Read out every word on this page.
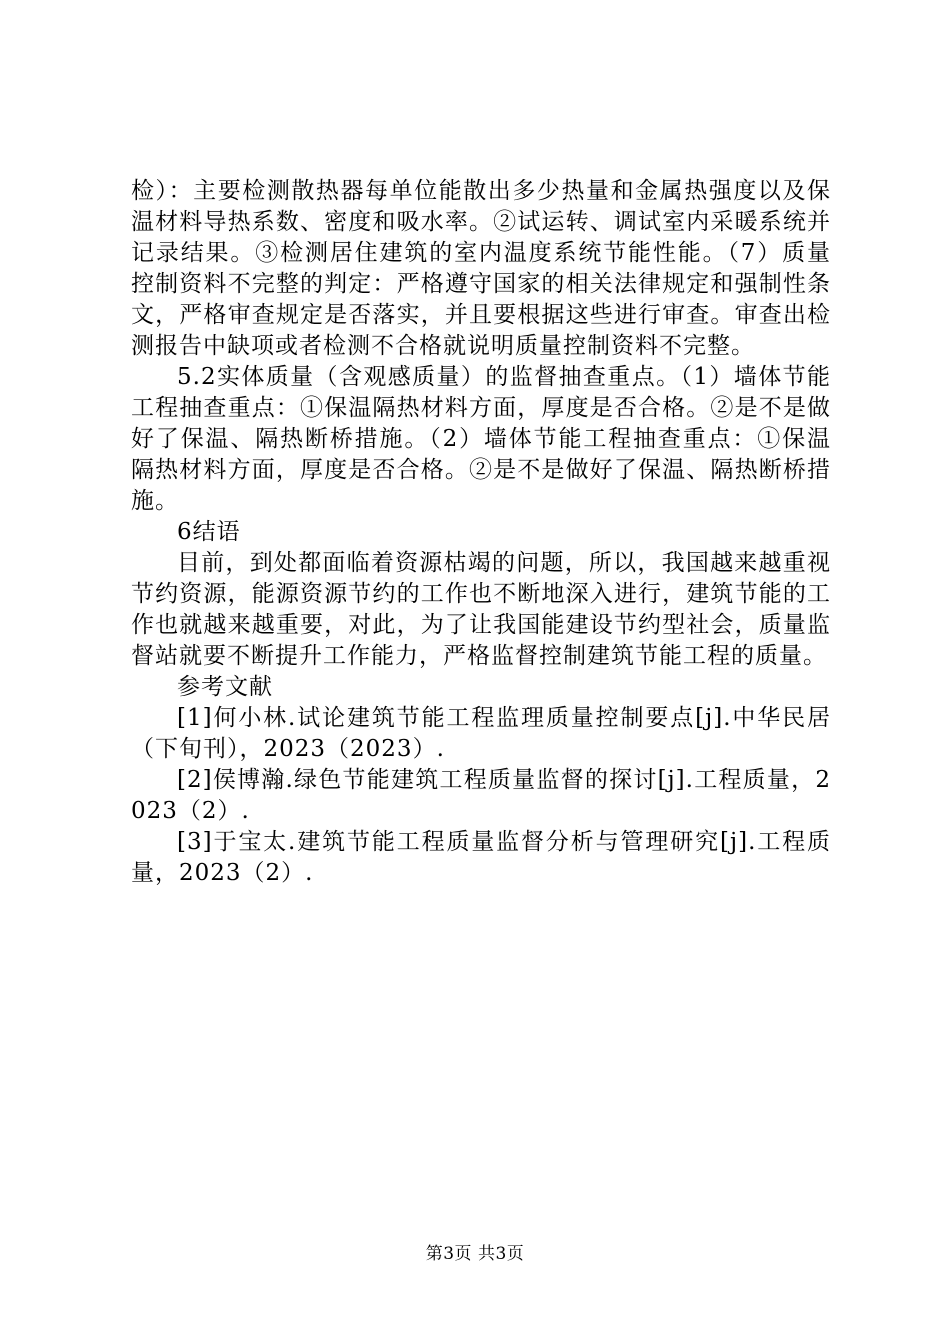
检）：主要检测散热器每单位能散出多少热量和金属热强度以及保温材料导热系数、密度和吸水率。②试运转、调试室内采暖系统并记录结果。③检测居住建筑的室内温度系统节能性能。（7）质量控制资料不完整的判定：严格遵守国家的相关法律规定和强制性条文，严格审查规定是否落实，并且要根据这些进行审查。审查出检测报告中缺项或者检测不合格就说明质量控制资料不完整。

5.2实体质量（含观感质量）的监督抽查重点。（1）墙体节能工程抽查重点：①保温隔热材料方面，厚度是否合格。②是不是做好了保温、隔热断桥措施。（2）墙体节能工程抽查重点：①保温隔热材料方面，厚度是否合格。②是不是做好了保温、隔热断桥措施。

6结语

目前，到处都面临着资源枯竭的问题，所以，我国越来越重视节约资源，能源资源节约的工作也不断地深入进行，建筑节能的工作也就越来越重要，对此，为了让我国能建设节约型社会，质量监督站就要不断提升工作能力，严格监督控制建筑节能工程的质量。

参考文献

[1]何小林.试论建筑节能工程监理质量控制要点[j].中华民居（下旬刊），2023（2023）.

[2]侯博瀚.绿色节能建筑工程质量监督的探讨[j].工程质量，2023（2）.

[3]于宝太.建筑节能工程质量监督分析与管理研究[j].工程质量，2023（2）.

第3页 共3页
